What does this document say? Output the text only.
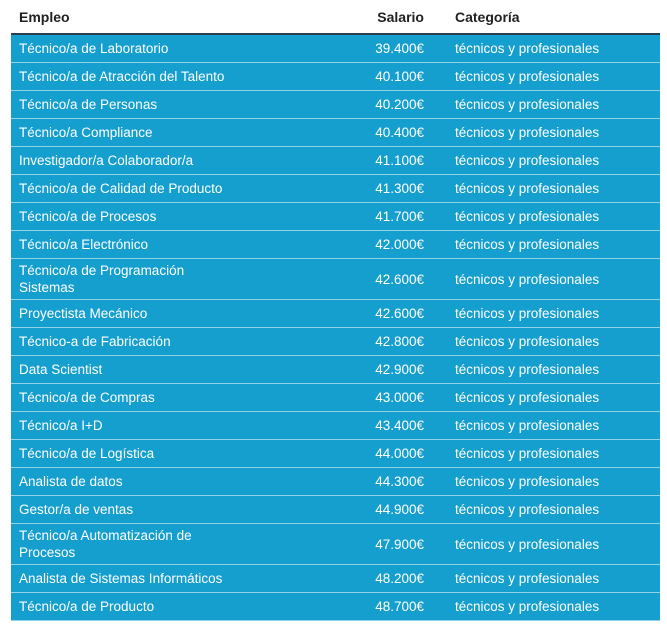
Empleo	Salario	Categoría
Técnico/a de Laboratorio	39.400€	técnicos y profesionales
Técnico/a de Atracción del Talento	40.100€	técnicos y profesionales
Técnico/a de Personas	40.200€	técnicos y profesionales
Técnico/a Compliance	40.400€	técnicos y profesionales
Investigador/a Colaborador/a	41.100€	técnicos y profesionales
Técnico/a de Calidad de Producto	41.300€	técnicos y profesionales
Técnico/a de Procesos	41.700€	técnicos y profesionales
Técnico/a Electrónico	42.000€	técnicos y profesionales
Técnico/a de Programación Sistemas	42.600€	técnicos y profesionales
Proyectista Mecánico	42.600€	técnicos y profesionales
Técnico-a de Fabricación	42.800€	técnicos y profesionales
Data Scientist	42.900€	técnicos y profesionales
Técnico/a de Compras	43.000€	técnicos y profesionales
Técnico/a I+D	43.400€	técnicos y profesionales
Técnico/a de Logística	44.000€	técnicos y profesionales
Analista de datos	44.300€	técnicos y profesionales
Gestor/a de ventas	44.900€	técnicos y profesionales
Técnico/a Automatización de Procesos	47.900€	técnicos y profesionales
Analista de Sistemas Informáticos	48.200€	técnicos y profesionales
Técnico/a de Producto	48.700€	técnicos y profesionales
